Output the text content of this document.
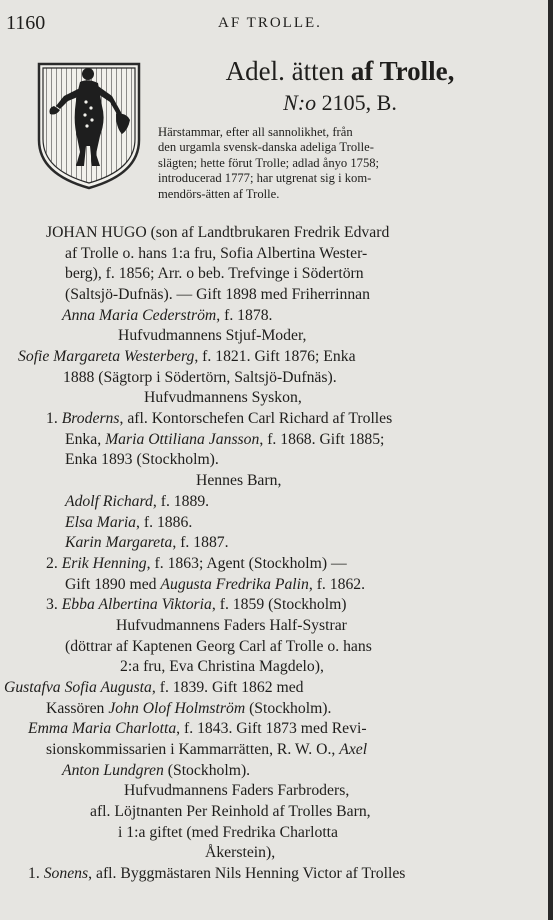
1160	AF TROLLE.
Adel. ätten af Trolle,
N:o 2105, B.
Härstammar, efter all sannolikhet, från
den urgamla svensk-danska adeliga Trolle-
slägten; hette förut Trolle; adlad ånyo 1758;
introducerad 1777; har utgrenat sig i kom-
mendörs-ätten af Trolle.
JOHAN HUGO (son af Landtbrukaren Fredrik Edvard
af Trolle o. hans 1:a fru, Sofia Albertina Wester-
berg), f. 1856; Arr. o beb. Trefvinge i Södertörn
(Saltsjö-Dufnäs). — Gift 1898 med Friherrinnan
Anna Maria Cederström, f. 1878.
Hufvudmannens Stjuf-Moder,
Sofie Margareta Westerberg, f. 1821. Gift 1876; Enka
1888 (Sägtorp i Södertörn, Saltsjö-Dufnäs).
Hufvudmannens Syskon,
1. Broderns, afl. Kontorschefen Carl Richard af Trolles
Enka, Maria Ottiliana Jansson, f. 1868. Gift 1885;
Enka 1893 (Stockholm).
Hennes Barn,
Adolf Richard, f. 1889.
Elsa Maria, f. 1886.
Karin Margareta, f. 1887.
2. Erik Henning, f. 1863; Agent (Stockholm) —
Gift 1890 med Augusta Fredrika Palin, f. 1862.
3. Ebba Albertina Viktoria, f. 1859 (Stockholm)
Hufvudmannens Faders Half-Systrar
(döttrar af Kaptenen Georg Carl af Trolle o. hans
2:a fru, Eva Christina Magdelo),
Gustafva Sofia Augusta, f. 1839. Gift 1862 med
Kassören John Olof Holmström (Stockholm).
Emma Maria Charlotta, f. 1843. Gift 1873 med Revi-
sionskommissarien i Kammarrätten, R. W. O., Axel
Anton Lundgren (Stockholm).
Hufvudmannens Faders Farbroders,
afl. Löjtnanten Per Reinhold af Trolles Barn,
i 1:a giftet (med Fredrika Charlotta
Åkerstein),
1. Sonens, afl. Byggmästaren Nils Henning Victor af Trolles
